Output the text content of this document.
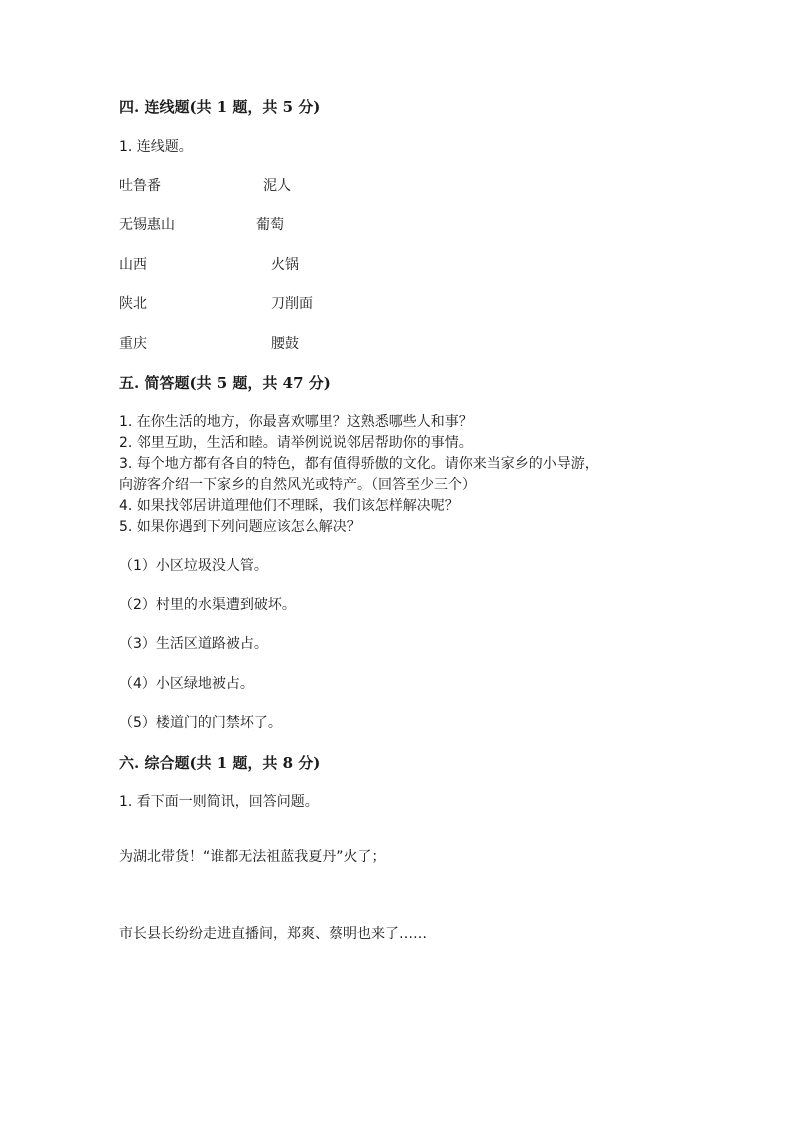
四. 连线题(共 1 题，共 5 分)
1. 连线题。
吐鲁番	泥人
无锡惠山	葡萄
山西	火锅
陕北	刀削面
重庆	腰鼓
五. 简答题(共 5 题，共 47 分)
1. 在你生活的地方，你最喜欢哪里？这熟悉哪些人和事？
2. 邻里互助，生活和睦。请举例说说邻居帮助你的事情。
3. 每个地方都有各自的特色，都有值得骄傲的文化。请你来当家乡的小导游，
向游客介绍一下家乡的自然风光或特产。（回答至少三个）
4. 如果找邻居讲道理他们不理睬，我们该怎样解决呢？
5. 如果你遇到下列问题应该怎么解决？
（1）小区垃圾没人管。
（2）村里的水渠遭到破坏。
（3）生活区道路被占。
（4）小区绿地被占。
（5）楼道门的门禁坏了。
六. 综合题(共 1 题，共 8 分)
1. 看下面一则简讯，回答问题。
为湖北带货！“谁都无法祖蓝我夏丹”火了；
市长县长纷纷走进直播间，郑爽、蔡明也来了……
